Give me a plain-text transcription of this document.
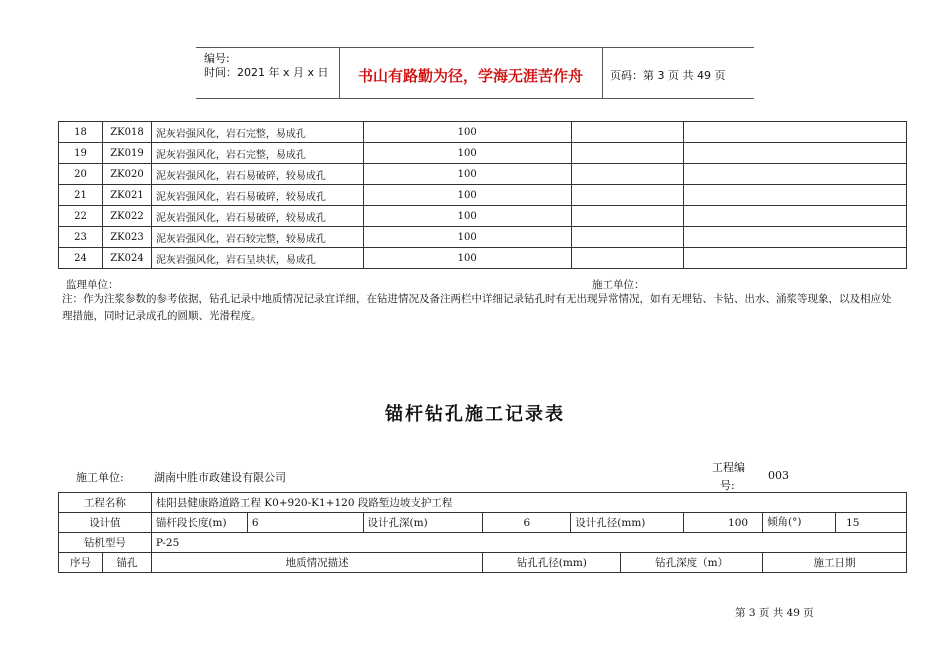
编号:
时间：2021 年 x 月 x 日	书山有路勤为径，学海无涯苦作舟	页码：第 3 页 共 49 页
18	ZK018	泥灰岩强风化，岩石完整，易成孔	100		
19	ZK019	泥灰岩强风化，岩石完整，易成孔	100		
20	ZK020	泥灰岩强风化，岩石易破碎，较易成孔	100		
21	ZK021	泥灰岩强风化，岩石易破碎，较易成孔	100		
22	ZK022	泥灰岩强风化，岩石易破碎，较易成孔	100		
23	ZK023	泥灰岩强风化，岩石较完整，较易成孔	100		
24	ZK024	泥灰岩强风化，岩石呈块状，易成孔	100		
监理单位：	施工单位：
注：作为注浆参数的参考依据，钻孔记录中地质情况记录宜详细，在钻进情况及备注两栏中详细记录钻孔时有无出现异常情况，如有无埋钻、卡钻、出水、涌浆等现象，以及相应处理措施，同时记录成孔的圆顺、光滑程度。
锚杆钻孔施工记录表
施工单位:	湖南中胜市政建设有限公司
工程编
号:
003
工程名称		桂阳县健康路道路工程 K0+920-K1+120 段路堑边坡支护工程							
设计值		锚杆段长度(m)	6	设计孔深(m)	6	设计孔径(mm)		100	倾角(°) 15

钻机型号		P-25							
序号	锚孔	地质情况描述			钻孔孔径(mm)		钻孔深度（m）		施工日期
第 3 页 共 49 页
